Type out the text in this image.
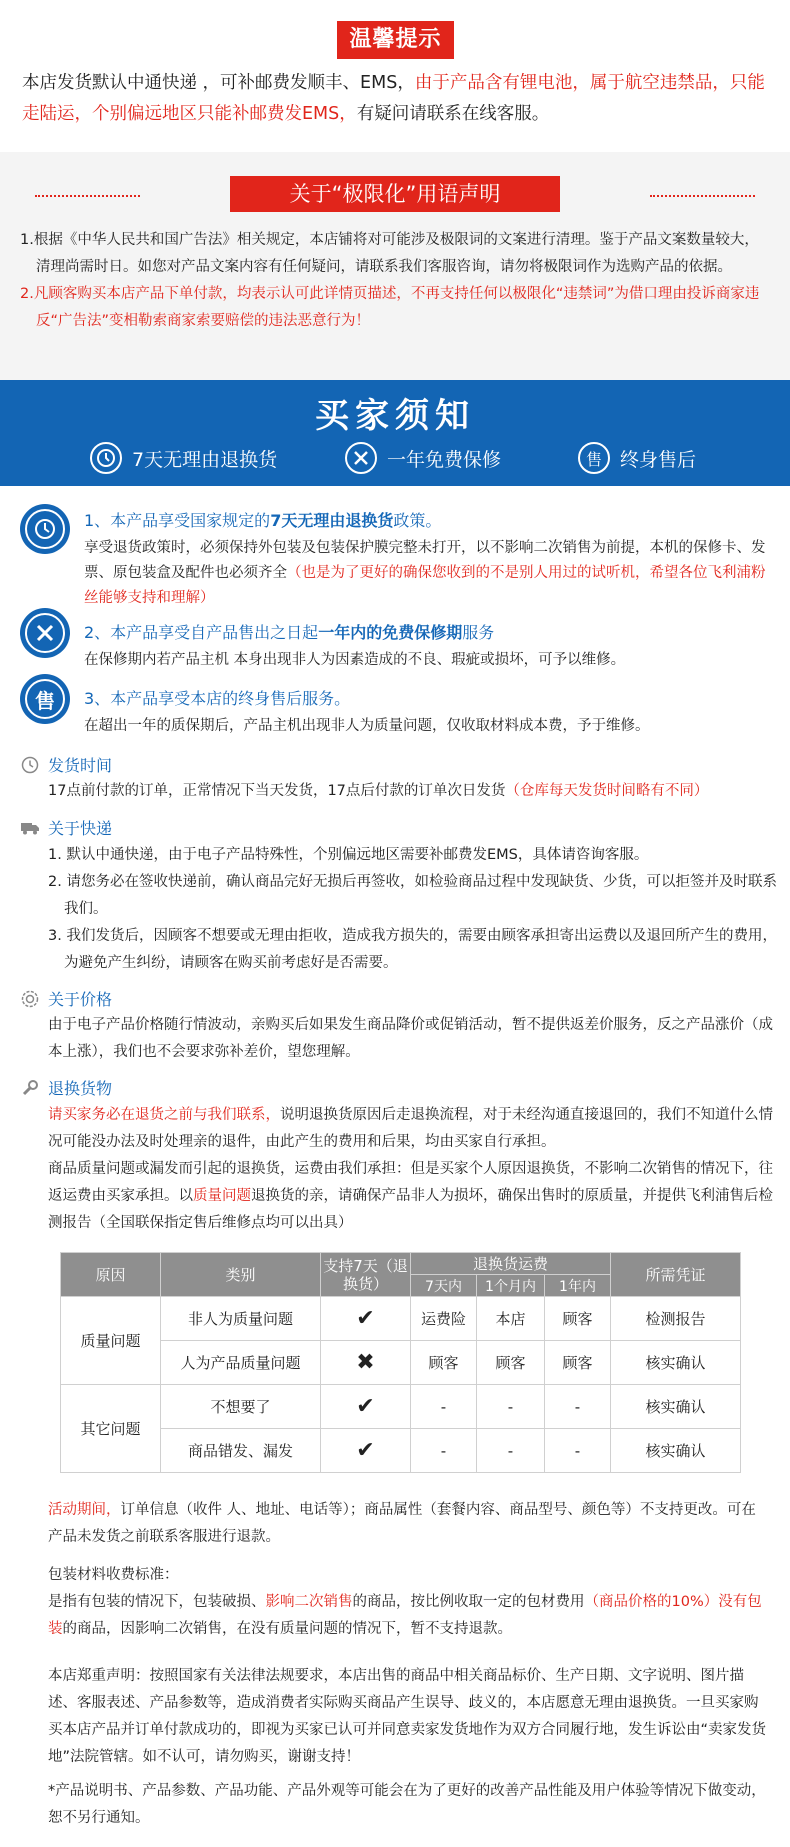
温馨提示
本店发货默认中通快递 ，可补邮费发顺丰、EMS，由于产品含有锂电池，属于航空违禁品，只能走陆运，个别偏远地区只能补邮费发EMS，有疑问请联系在线客服。
关于“极限化”用语声明

1.根据《中华人民共和国广告法》相关规定，本店铺将对可能涉及极限词的文案进行清理。鉴于产品文案数量较大，清理尚需时日。如您对产品文案内容有任何疑问，请联系我们客服咨询，请勿将极限词作为选购产品的依据。

2.凡顾客购买本店产品下单付款，均表示认可此详情页描述，不再支持任何以极限化“违禁词”为借口理由投诉商家违反“广告法”变相勒索商家索要赔偿的违法恶意行为！

买家须知
7天无理由退换货	一年免费保修	售 终身售后
1、本产品享受国家规定的7天无理由退换货政策。
享受退货政策时，必须保持外包装及包装保护膜完整未打开，以不影响二次销售为前提，本机的保修卡、发票、原包装盒及配件也必须齐全（也是为了更好的确保您收到的不是别人用过的试听机，希望各位飞利浦粉丝能够支持和理解）
2、本产品享受自产品售出之日起一年内的免费保修期服务
在保修期内若产品主机 本身出现非人为因素造成的不良、瑕疵或损坏，可予以维修。
售	3、本产品享受本店的终身售后服务。
在超出一年的质保期后，产品主机出现非人为质量问题，仅收取材料成本费，予于维修。
发货时间
17点前付款的订单，正常情况下当天发货，17点后付款的订单次日发货（仓库每天发货时间略有不同）
关于快递

1. 默认中通快递，由于电子产品特殊性，个别偏远地区需要补邮费发EMS，具体请咨询客服。

2. 请您务必在签收快递前，确认商品完好无损后再签收，如检验商品过程中发现缺货、少货，可以拒签并及时联系我们。

3. 我们发货后，因顾客不想要或无理由拒收，造成我方损失的，需要由顾客承担寄出运费以及退回所产生的费用，为避免产生纠纷，请顾客在购买前考虑好是否需要。

关于价格
由于电子产品价格随行情波动，亲购买后如果发生商品降价或促销活动，暂不提供返差价服务，反之产品涨价（成本上涨），我们也不会要求弥补差价，望您理解。
退换货物
请买家务必在退货之前与我们联系，说明退换货原因后走退换流程，对于未经沟通直接退回的，我们不知道什么情况可能没办法及时处理亲的退件，由此产生的费用和后果，均由买家自行承担。
商品质量问题或漏发而引起的退换货，运费由我们承担：但是买家个人原因退换货，不影响二次销售的情况下，往返运费由买家承担。以质量问题退换货的亲，请确保产品非人为损坏，确保出售时的原质量，并提供飞利浦售后检测报告（全国联保指定售后维修点均可以出具）
原因	类别	支持7天（退换货）	退换货运费			所需凭证
			7天内	1个月内	1年内	
质量问题	非人为质量问题	✔	运费险	本店	顾客	检测报告
	人为产品质量问题	✖	顾客	顾客	顾客	核实确认
其它问题	不想要了	✔	-	-	-	核实确认
	商品错发、漏发	✔	-	-	-	核实确认
活动期间，订单信息（收件 人、地址、电话等）；商品属性（套餐内容、商品型号、颜色等）不支持更改。可在产品未发货之前联系客服进行退款。
包装材料收费标准：
是指有包装的情况下，包装破损、影响二次销售的商品，按比例收取一定的包材费用（商品价格的10%）没有包装的商品，因影响二次销售，在没有质量问题的情况下，暂不支持退款。
本店郑重声明：按照国家有关法律法规要求，本店出售的商品中相关商品标价、生产日期、文字说明、图片描述、客服表述、产品参数等，造成消费者实际购买商品产生误导、歧义的，本店愿意无理由退换货。一旦买家购买本店产品并订单付款成功的，即视为买家已认可并同意卖家发货地作为双方合同履行地，发生诉讼由“卖家发货地”法院管辖。如不认可，请勿购买，谢谢支持！
*产品说明书、产品参数、产品功能、产品外观等可能会在为了更好的改善产品性能及用户体验等情况下做变动，恕不另行通知。
